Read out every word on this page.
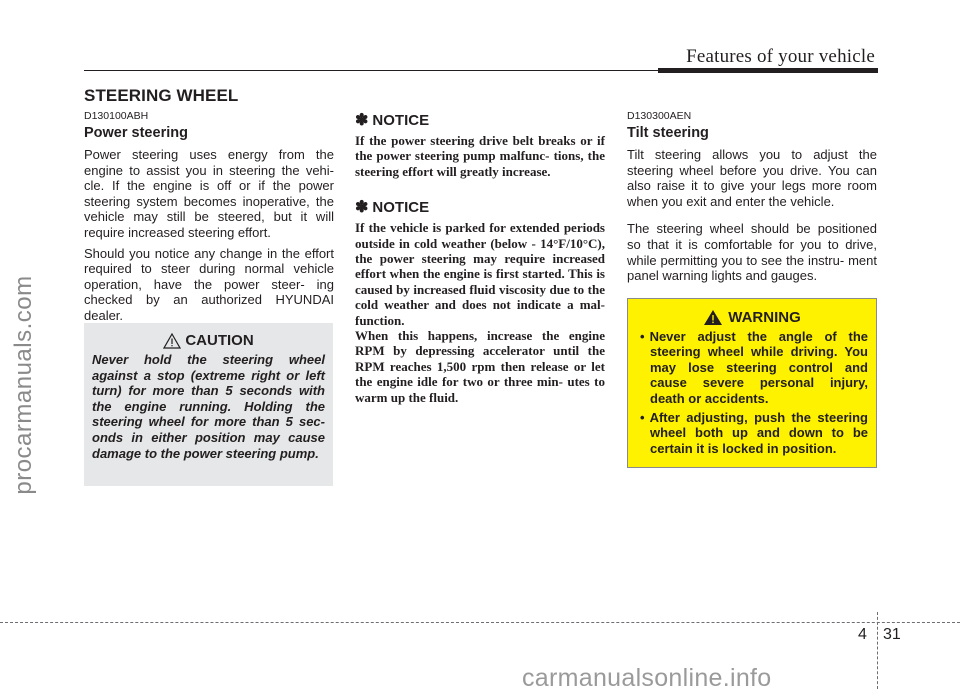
Features of your vehicle
STEERING WHEEL

D130100ABH

Power steering

Power steering uses energy from the engine to assist you in steering the vehi- cle. If the engine is off or if the power steering system becomes inoperative, the vehicle may still be steered, but it will require increased steering effort.

Should you notice any change in the effort required to steer during normal vehicle operation, have the power steer- ing checked by an authorized HYUNDAI dealer.

CAUTION

Never hold the steering wheel against a stop (extreme right or left turn) for more than 5 seconds with the engine running. Holding the steering wheel for more than 5 sec- onds in either position may cause damage to the power steering pump.

✽ NOTICE

If the power steering drive belt breaks or if the power steering pump malfunc- tions, the steering effort will greatly increase.

✽ NOTICE

If the vehicle is parked for extended periods outside in cold weather (below - 14°F/10°C), the power steering may require increased effort when the engine is first started. This is caused by increased fluid viscosity due to the cold weather and does not indicate a mal- function.

When this happens, increase the engine RPM by depressing accelerator until the RPM reaches 1,500 rpm then release or let the engine idle for two or three min- utes to warm up the fluid.

D130300AEN

Tilt steering

Tilt steering allows you to adjust the steering wheel before you drive. You can also raise it to give your legs more room when you exit and enter the vehicle.

The steering wheel should be positioned so that it is comfortable for you to drive, while permitting you to see the instru- ment panel warning lights and gauges.

WARNING
• Never adjust the angle of the steering wheel while driving. You may lose steering control and cause severe personal injury, death or accidents.
• After adjusting, push the steering wheel both up and down to be certain it is locked in position.
4 31
procarmanuals.com
carmanualsonline.info
